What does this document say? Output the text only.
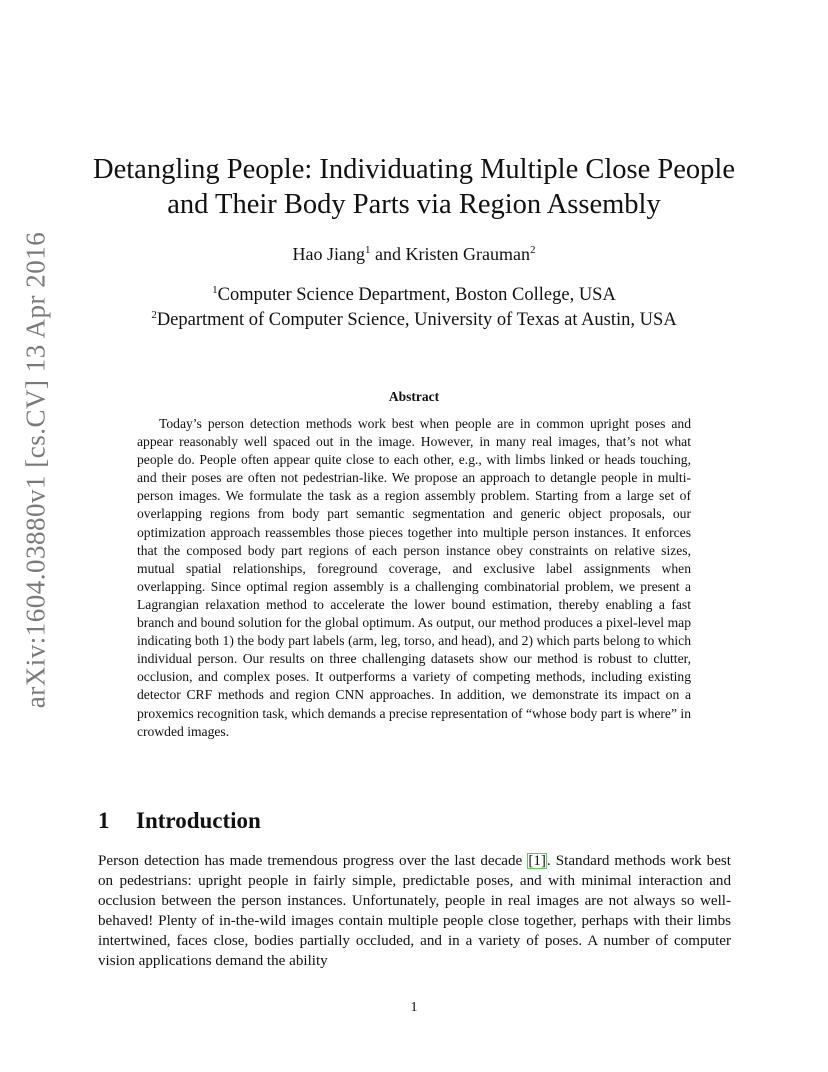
arXiv:1604.03880v1 [cs.CV] 13 Apr 2016
Detangling People: Individuating Multiple Close People
and Their Body Parts via Region Assembly
Hao Jiang$^1$ and Kristen Grauman$^2$
$^1$Computer Science Department, Boston College, USA
$^2$Department of Computer Science, University of Texas at Austin, USA
Abstract

Today’s person detection methods work best when people are in common upright poses and appear reasonably well spaced out in the image. However, in many real images, that’s not what people do. People often appear quite close to each other, e.g., with limbs linked or heads touching, and their poses are often not pedestrian-like. We propose an approach to detangle people in multi-person images. We formulate the task as a region assembly problem. Starting from a large set of overlapping regions from body part semantic segmentation and generic object proposals, our optimization approach reassembles those pieces together into multiple person instances. It enforces that the composed body part regions of each person instance obey constraints on relative sizes, mutual spatial relationships, foreground coverage, and exclusive label assignments when overlapping. Since optimal region assembly is a challenging combinatorial problem, we present a Lagrangian relaxation method to accelerate the lower bound estimation, thereby enabling a fast branch and bound solution for the global optimum. As output, our method produces a pixel-level map indicating both 1) the body part labels (arm, leg, torso, and head), and 2) which parts belong to which individual person. Our results on three challenging datasets show our method is robust to clutter, occlusion, and complex poses. It outperforms a variety of competing methods, including existing detector CRF methods and region CNN approaches. In addition, we demonstrate its impact on a proxemics recognition task, which demands a precise representation of “whose body part is where” in crowded images.

1 Introduction

Person detection has made tremendous progress over the last decade [1]. Standard methods work best on pedestrians: upright people in fairly simple, predictable poses, and with minimal interaction and occlusion between the person instances. Unfortunately, people in real images are not always so well-behaved! Plenty of in-the-wild images contain multiple people close together, perhaps with their limbs intertwined, faces close, bodies partially occluded, and in a variety of poses. A number of computer vision applications demand the ability

1
